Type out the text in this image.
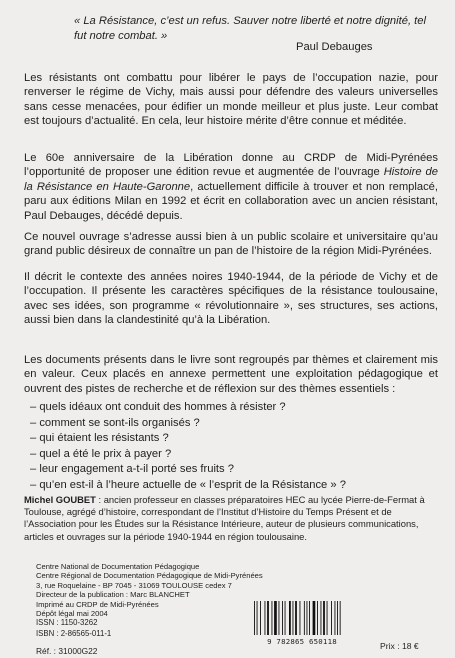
« La Résistance, c’est un refus. Sauver notre liberté et notre dignité, tel fut notre combat. »
Paul Debauges

Les résistants ont combattu pour libérer le pays de l’occupation nazie, pour renverser le régime de Vichy, mais aussi pour défendre des valeurs universelles sans cesse menacées, pour édifier un monde meilleur et plus juste. Leur combat est toujours d’actualité. En cela, leur histoire mérite d’être connue et méditée.

Le 60e anniversaire de la Libération donne au CRDP de Midi-Pyrénées l’opportunité de proposer une édition revue et augmentée de l’ouvrage Histoire de la Résistance en Haute-Garonne, actuellement difficile à trouver et non remplacé, paru aux éditions Milan en 1992 et écrit en collaboration avec un ancien résistant, Paul Debauges, décédé depuis.

Ce nouvel ouvrage s’adresse aussi bien à un public scolaire et universitaire qu’au grand public désireux de connaître un pan de l’histoire de la région Midi-Pyrénées.

Il décrit le contexte des années noires 1940-1944, de la période de Vichy et de l’occupation. Il présente les caractères spécifiques de la résistance toulousaine, avec ses idées, son programme « révolutionnaire », ses structures, ses actions, aussi bien dans la clandestinité qu’à la Libération.

Les documents présents dans le livre sont regroupés par thèmes et clairement mis en valeur. Ceux placés en annexe permettent une exploitation pédagogique et ouvrent des pistes de recherche et de réflexion sur des thèmes essentiels :

– quels idéaux ont conduit des hommes à résister ?
– comment se sont-ils organisés ?
– qui étaient les résistants ?
– quel a été le prix à payer ?
– leur engagement a-t-il porté ses fruits ?
– qu’en est-il à l’heure actuelle de « l’esprit de la Résistance » ?

Michel GOUBET : ancien professeur en classes préparatoires HEC au lycée Pierre-de-Fermat à Toulouse, agrégé d’histoire, correspondant de l’Institut d’Histoire du Temps Présent et de l’Association pour les Études sur la Résistance Intérieure, auteur de plusieurs communications, articles et ouvrages sur la période 1940-1944 en région toulousaine.

Centre National de Documentation Pédagogique
Centre Régional de Documentation Pédagogique de Midi-Pyrénées
3, rue Roquelaine - BP 7045 - 31069 TOULOUSE cedex 7
Directeur de la publication : Marc BLANCHET
Imprimé au CRDP de Midi-Pyrénées
Dépôt légal mai 2004
ISSN : 1150-3262
ISBN : 2-86565-011-1
Réf. : 31000G22
9 782865 650118	Prix : 18 €
